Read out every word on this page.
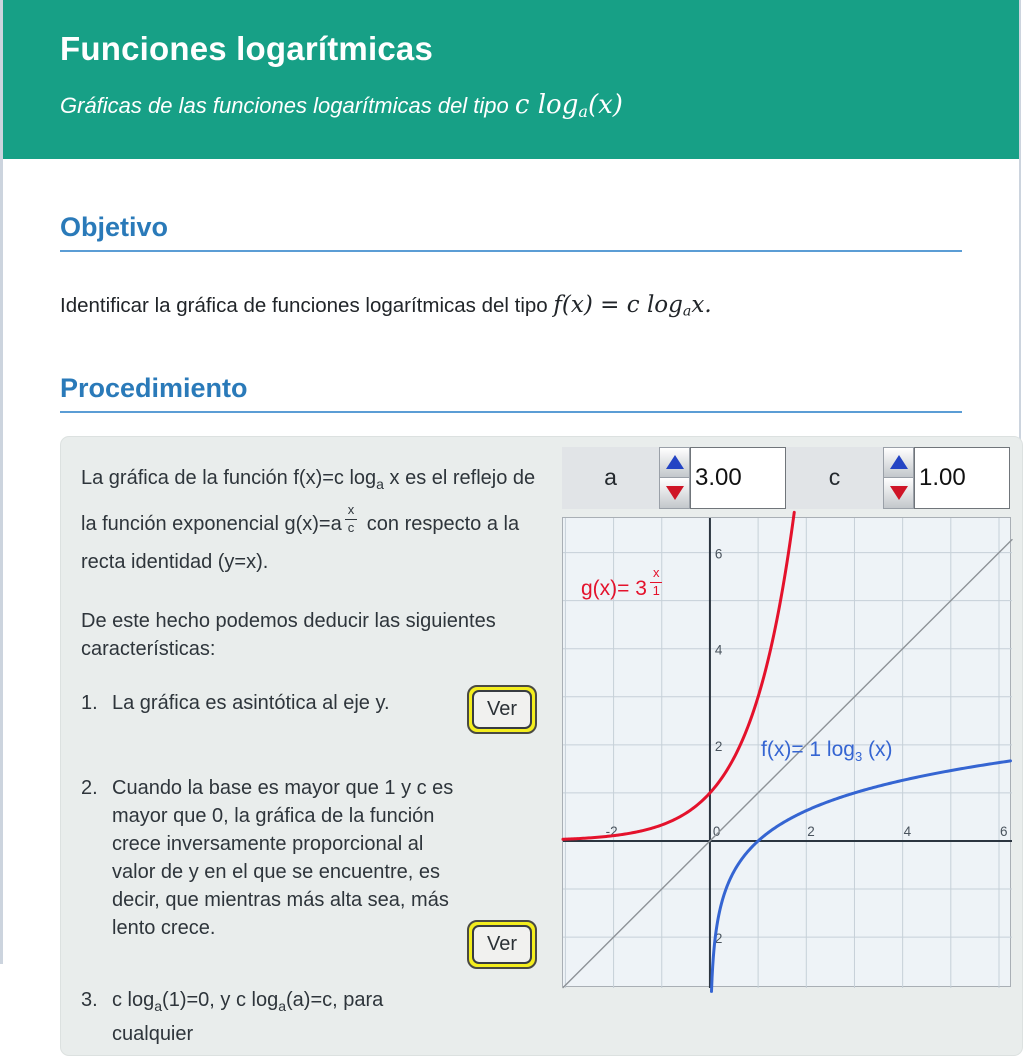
Funciones logarítmicas

Gráficas de las funciones logarítmicas del tipo c loga(x)

Objetivo

Identificar la gráfica de funciones logarítmicas del tipo f(x) = c logax.

Procedimiento

La gráfica de la función f(x)=c $\log_a x$ es el reflejo de la función exponencial $g(x)=a \frac{x}{c}$ con respecto a la recta identidad (y=x).

De este hecho podemos deducir las siguientes características:

1. La gráfica es asintótica al eje y.	Ver
2. Cuando la base es mayor que 1 y c es mayor que 0, la gráfica de la función crece inversamente proporcional al valor de y en el que se encuentre, es decir, que mientras más alta sea, más lento crece.
Ver
3. c $\log_a(1)=0$, y c $\log_a(a)=c$, para cualquier
a
3.00	c
1.00
-2	0	2	4	6
6
4
2
2
$g(x)= 3 \frac{x}{1}$
f(x)= 1 $\log_3 (x)$
